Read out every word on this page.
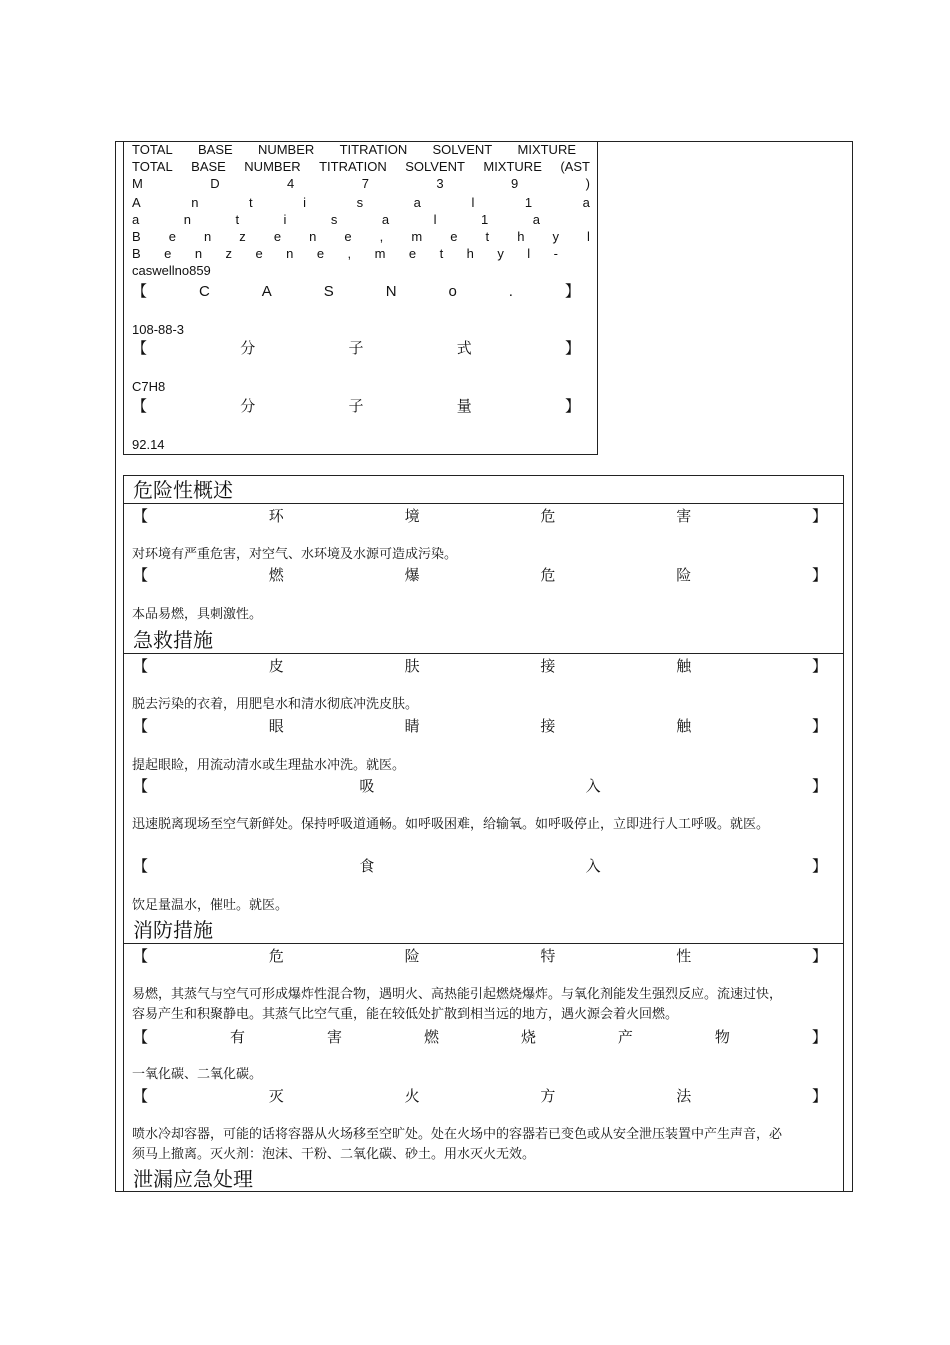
TOTAL BASE NUMBER TITRATION SOLVENT MIXTURE
TOTAL BASE NUMBER TITRATION SOLVENT MIXTURE (AST
M	D	4	7	3	9	)
A	n	t	i	s	a	l	1	a
a	n	t	i	s	a	l	1	a
B e n z e n e , m e t h y l
B e n z e n e , m e t h y l -
caswellno859
【	C	A	S	N	o	.	】
108-88-3
【	分	子	式	】
C7H8
【	分	子	量	】
92.14
危险性概述
【	环	境	危	害	】
对环境有严重危害，对空气、水环境及水源可造成污染。
【	燃	爆	危	险	】
本品易燃，具刺激性。
急救措施
【	皮	肤	接	触	】
脱去污染的衣着，用肥皂水和清水彻底冲洗皮肤。
【	眼	睛	接	触	】
提起眼睑，用流动清水或生理盐水冲洗。就医。
【	吸	入	】
迅速脱离现场至空气新鲜处。保持呼吸道通畅。如呼吸困难，给输氧。如呼吸停止，立即进行人工呼吸。就医。
【	食	入	】
饮足量温水，催吐。就医。
消防措施
【	危	险	特	性	】
易燃，其蒸气与空气可形成爆炸性混合物，遇明火、高热能引起燃烧爆炸。与氧化剂能发生强烈反应。流速过快，容易产生和积聚静电。其蒸气比空气重，能在较低处扩散到相当远的地方，遇火源会着火回燃。
【	有	害	燃	烧	产	物	】
一氧化碳、二氧化碳。
【	灭	火	方	法	】
喷水冷却容器，可能的话将容器从火场移至空旷处。处在火场中的容器若已变色或从安全泄压装置中产生声音，必须马上撤离。灭火剂：泡沫、干粉、二氧化碳、砂土。用水灭火无效。
泄漏应急处理
